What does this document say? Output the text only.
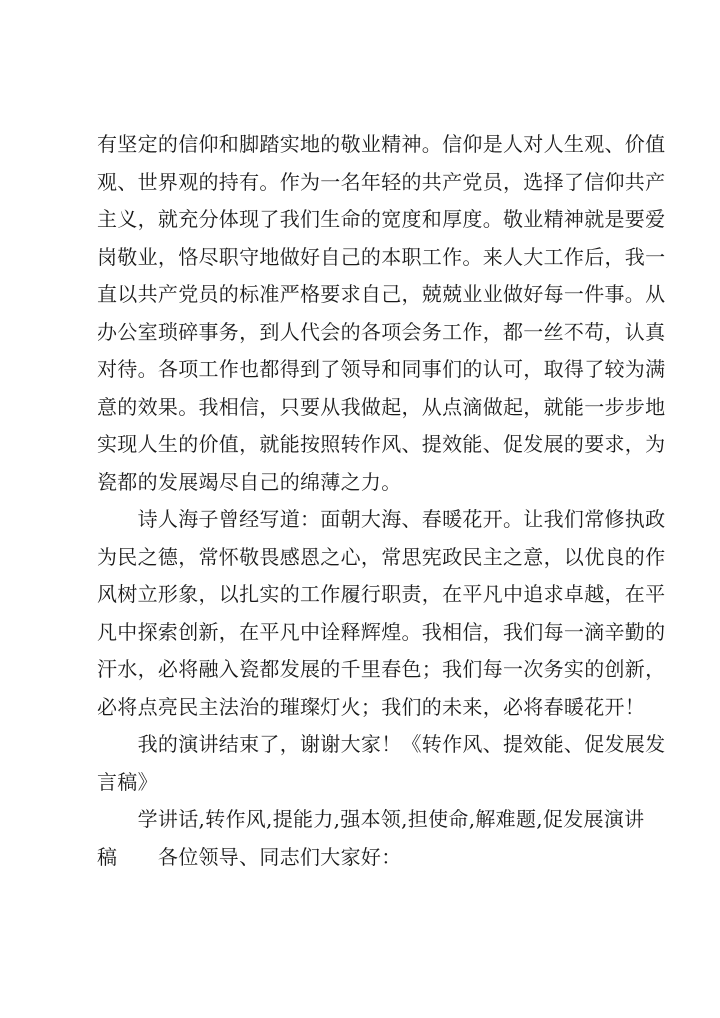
有坚定的信仰和脚踏实地的敬业精神。信仰是人对人生观、价值
观、世界观的持有。作为一名年轻的共产党员，选择了信仰共产
主义，就充分体现了我们生命的宽度和厚度。敬业精神就是要爱
岗敬业，恪尽职守地做好自己的本职工作。来人大工作后，我一
直以共产党员的标准严格要求自己，兢兢业业做好每一件事。从
办公室琐碎事务，到人代会的各项会务工作，都一丝不苟，认真
对待。各项工作也都得到了领导和同事们的认可，取得了较为满
意的效果。我相信，只要从我做起，从点滴做起，就能一步步地
实现人生的价值，就能按照转作风、提效能、促发展的要求，为
瓷都的发展竭尽自己的绵薄之力。
　　诗人海子曾经写道：面朝大海、春暖花开。让我们常修执政
为民之德，常怀敬畏感恩之心，常思宪政民主之意，以优良的作
风树立形象，以扎实的工作履行职责，在平凡中追求卓越，在平
凡中探索创新，在平凡中诠释辉煌。我相信，我们每一滴辛勤的
汗水，必将融入瓷都发展的千里春色；我们每一次务实的创新，
必将点亮民主法治的璀璨灯火；我们的未来，必将春暖花开！
　　我的演讲结束了，谢谢大家！《转作风、提效能、促发展发
言稿》
　　学讲话,转作风,提能力,强本领,担使命,解难题,促发展演讲
稿　　各位领导、同志们大家好：
